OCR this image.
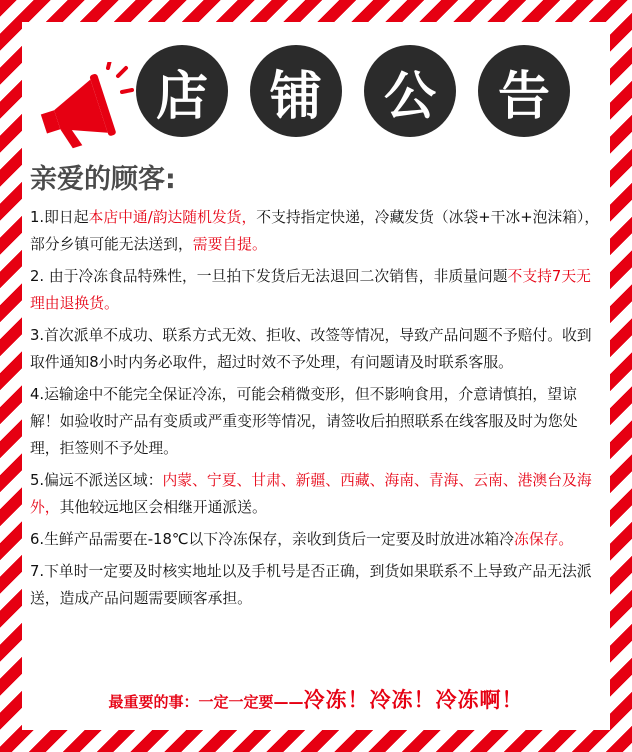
店	铺	公	告
亲爱的顾客:

1.即日起本店中通/韵达随机发货，不支持指定快递，冷藏发货（冰袋+干冰+泡沫箱），部分乡镇可能无法送到，需要自提。

2. 由于冷冻食品特殊性，一旦拍下发货后无法退回二次销售，非质量问题不支持7天无理由退换货。

3.首次派单不成功、联系方式无效、拒收、改签等情况，导致产品问题不予赔付。收到取件通知8小时内务必取件，超过时效不予处理，有问题请及时联系客服。

4.运输途中不能完全保证冷冻，可能会稍微变形，但不影响食用，介意请慎拍，望谅解！如验收时产品有变质或严重变形等情况，请签收后拍照联系在线客服及时为您处理，拒签则不予处理。

5.偏远不派送区域：内蒙、宁夏、甘肃、新疆、西藏、海南、青海、云南、港澳台及海外，其他较远地区会相继开通派送。

6.生鲜产品需要在-18℃以下冷冻保存，亲收到货后一定要及时放进冰箱冷冻保存。

7.下单时一定要及时核实地址以及手机号是否正确，到货如果联系不上导致产品无法派送，造成产品问题需要顾客承担。

最重要的事：一定一定要——冷冻！冷冻！冷冻啊！
